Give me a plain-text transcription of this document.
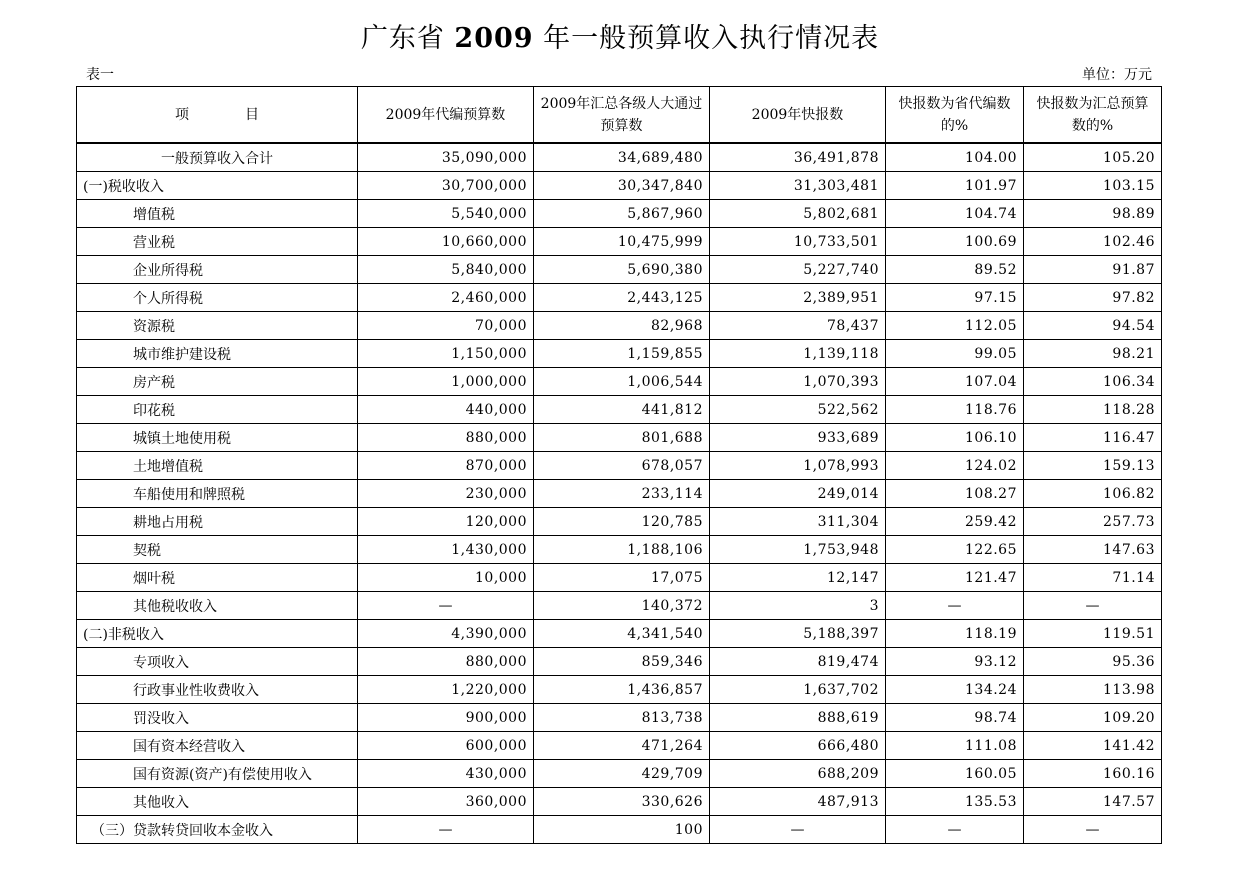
广东省 2009 年一般预算收入执行情况表
表一	单位：万元
项　　　　目	2009年代编预算数	2009年汇总各级人大通过预算数	2009年快报数	快报数为省代编数的%	快报数为汇总预算数的%
一般预算收入合计	35,090,000	34,689,480	36,491,878	104.00	105.20
(一)税收收入	30,700,000	30,347,840	31,303,481	101.97	103.15
增值税	5,540,000	5,867,960	5,802,681	104.74	98.89
营业税	10,660,000	10,475,999	10,733,501	100.69	102.46
企业所得税	5,840,000	5,690,380	5,227,740	89.52	91.87
个人所得税	2,460,000	2,443,125	2,389,951	97.15	97.82
资源税	70,000	82,968	78,437	112.05	94.54
城市维护建设税	1,150,000	1,159,855	1,139,118	99.05	98.21
房产税	1,000,000	1,006,544	1,070,393	107.04	106.34
印花税	440,000	441,812	522,562	118.76	118.28
城镇土地使用税	880,000	801,688	933,689	106.10	116.47
土地增值税	870,000	678,057	1,078,993	124.02	159.13
车船使用和牌照税	230,000	233,114	249,014	108.27	106.82
耕地占用税	120,000	120,785	311,304	259.42	257.73
契税	1,430,000	1,188,106	1,753,948	122.65	147.63
烟叶税	10,000	17,075	12,147	121.47	71.14
其他税收收入	—	140,372	3	—	—
(二)非税收入	4,390,000	4,341,540	5,188,397	118.19	119.51
专项收入	880,000	859,346	819,474	93.12	95.36
行政事业性收费收入	1,220,000	1,436,857	1,637,702	134.24	113.98
罚没收入	900,000	813,738	888,619	98.74	109.20
国有资本经营收入	600,000	471,264	666,480	111.08	141.42
国有资源(资产)有偿使用收入	430,000	429,709	688,209	160.05	160.16
其他收入	360,000	330,626	487,913	135.53	147.57
（三）贷款转贷回收本金收入	—	100	—	—	—
